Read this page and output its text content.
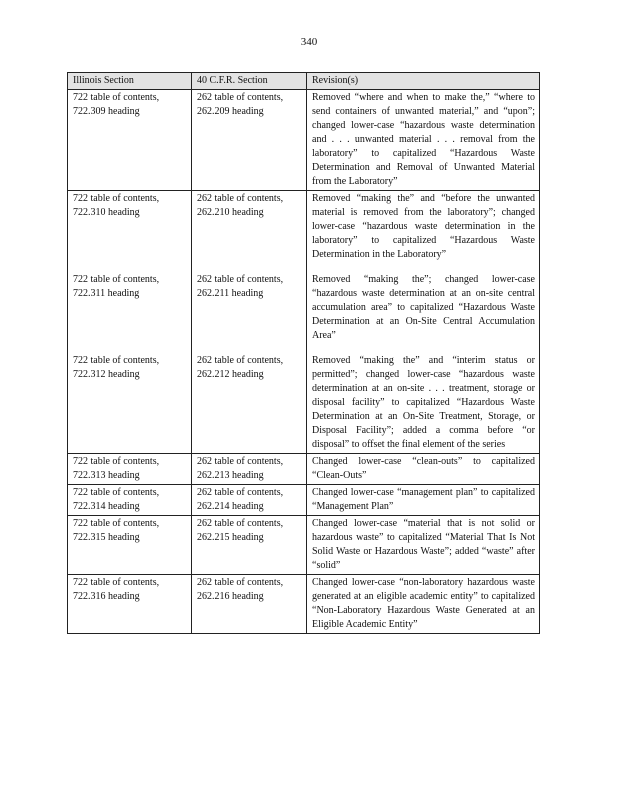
340
Illinois Section	40 C.F.R. Section	Revision(s)

722 table of contents,
722.309 heading	262 table of contents,
262.209 heading	Removed “where and when to make the,” “where to send containers of unwanted material,” and “upon”; changed lower-case “hazardous waste determination and . . . unwanted material . . . removal from the laboratory” to capitalized “Hazardous Waste Determination and Removal of Unwanted Material from the Laboratory”

722 table of contents,
722.310 heading	262 table of contents,
262.210 heading	Removed “making the” and “before the unwanted material is removed from the laboratory”; changed lower-case “hazardous waste determination in the laboratory” to capitalized “Hazardous Waste Determination in the Laboratory”

722 table of contents,
722.311 heading	262 table of contents,
262.211 heading	Removed “making the”; changed lower-case “hazardous waste determination at an on-site central accumulation area” to capitalized “Hazardous Waste Determination at an On-Site Central Accumulation Area”

722 table of contents,
722.312 heading	262 table of contents,
262.212 heading	Removed “making the” and “interim status or permitted”; changed lower-case “hazardous waste determination at an on-site . . . treatment, storage or disposal facility” to capitalized “Hazardous Waste Determination at an On-Site Treatment, Storage, or Disposal Facility”; added a comma before “or disposal” to offset the final element of the series

722 table of contents,
722.313 heading	262 table of contents,
262.213 heading	Changed lower-case “clean-outs” to capitalized “Clean-Outs”

722 table of contents,
722.314 heading	262 table of contents,
262.214 heading	Changed lower-case “management plan” to capitalized “Management Plan”

722 table of contents,
722.315 heading	262 table of contents,
262.215 heading	Changed lower-case “material that is not solid or hazardous waste” to capitalized “Material That Is Not Solid Waste or Hazardous Waste”; added “waste” after “solid”

722 table of contents,
722.316 heading	262 table of contents,
262.216 heading	Changed lower-case “non-laboratory hazardous waste generated at an eligible academic entity” to capitalized “Non-Laboratory Hazardous Waste Generated at an Eligible Academic Entity”
